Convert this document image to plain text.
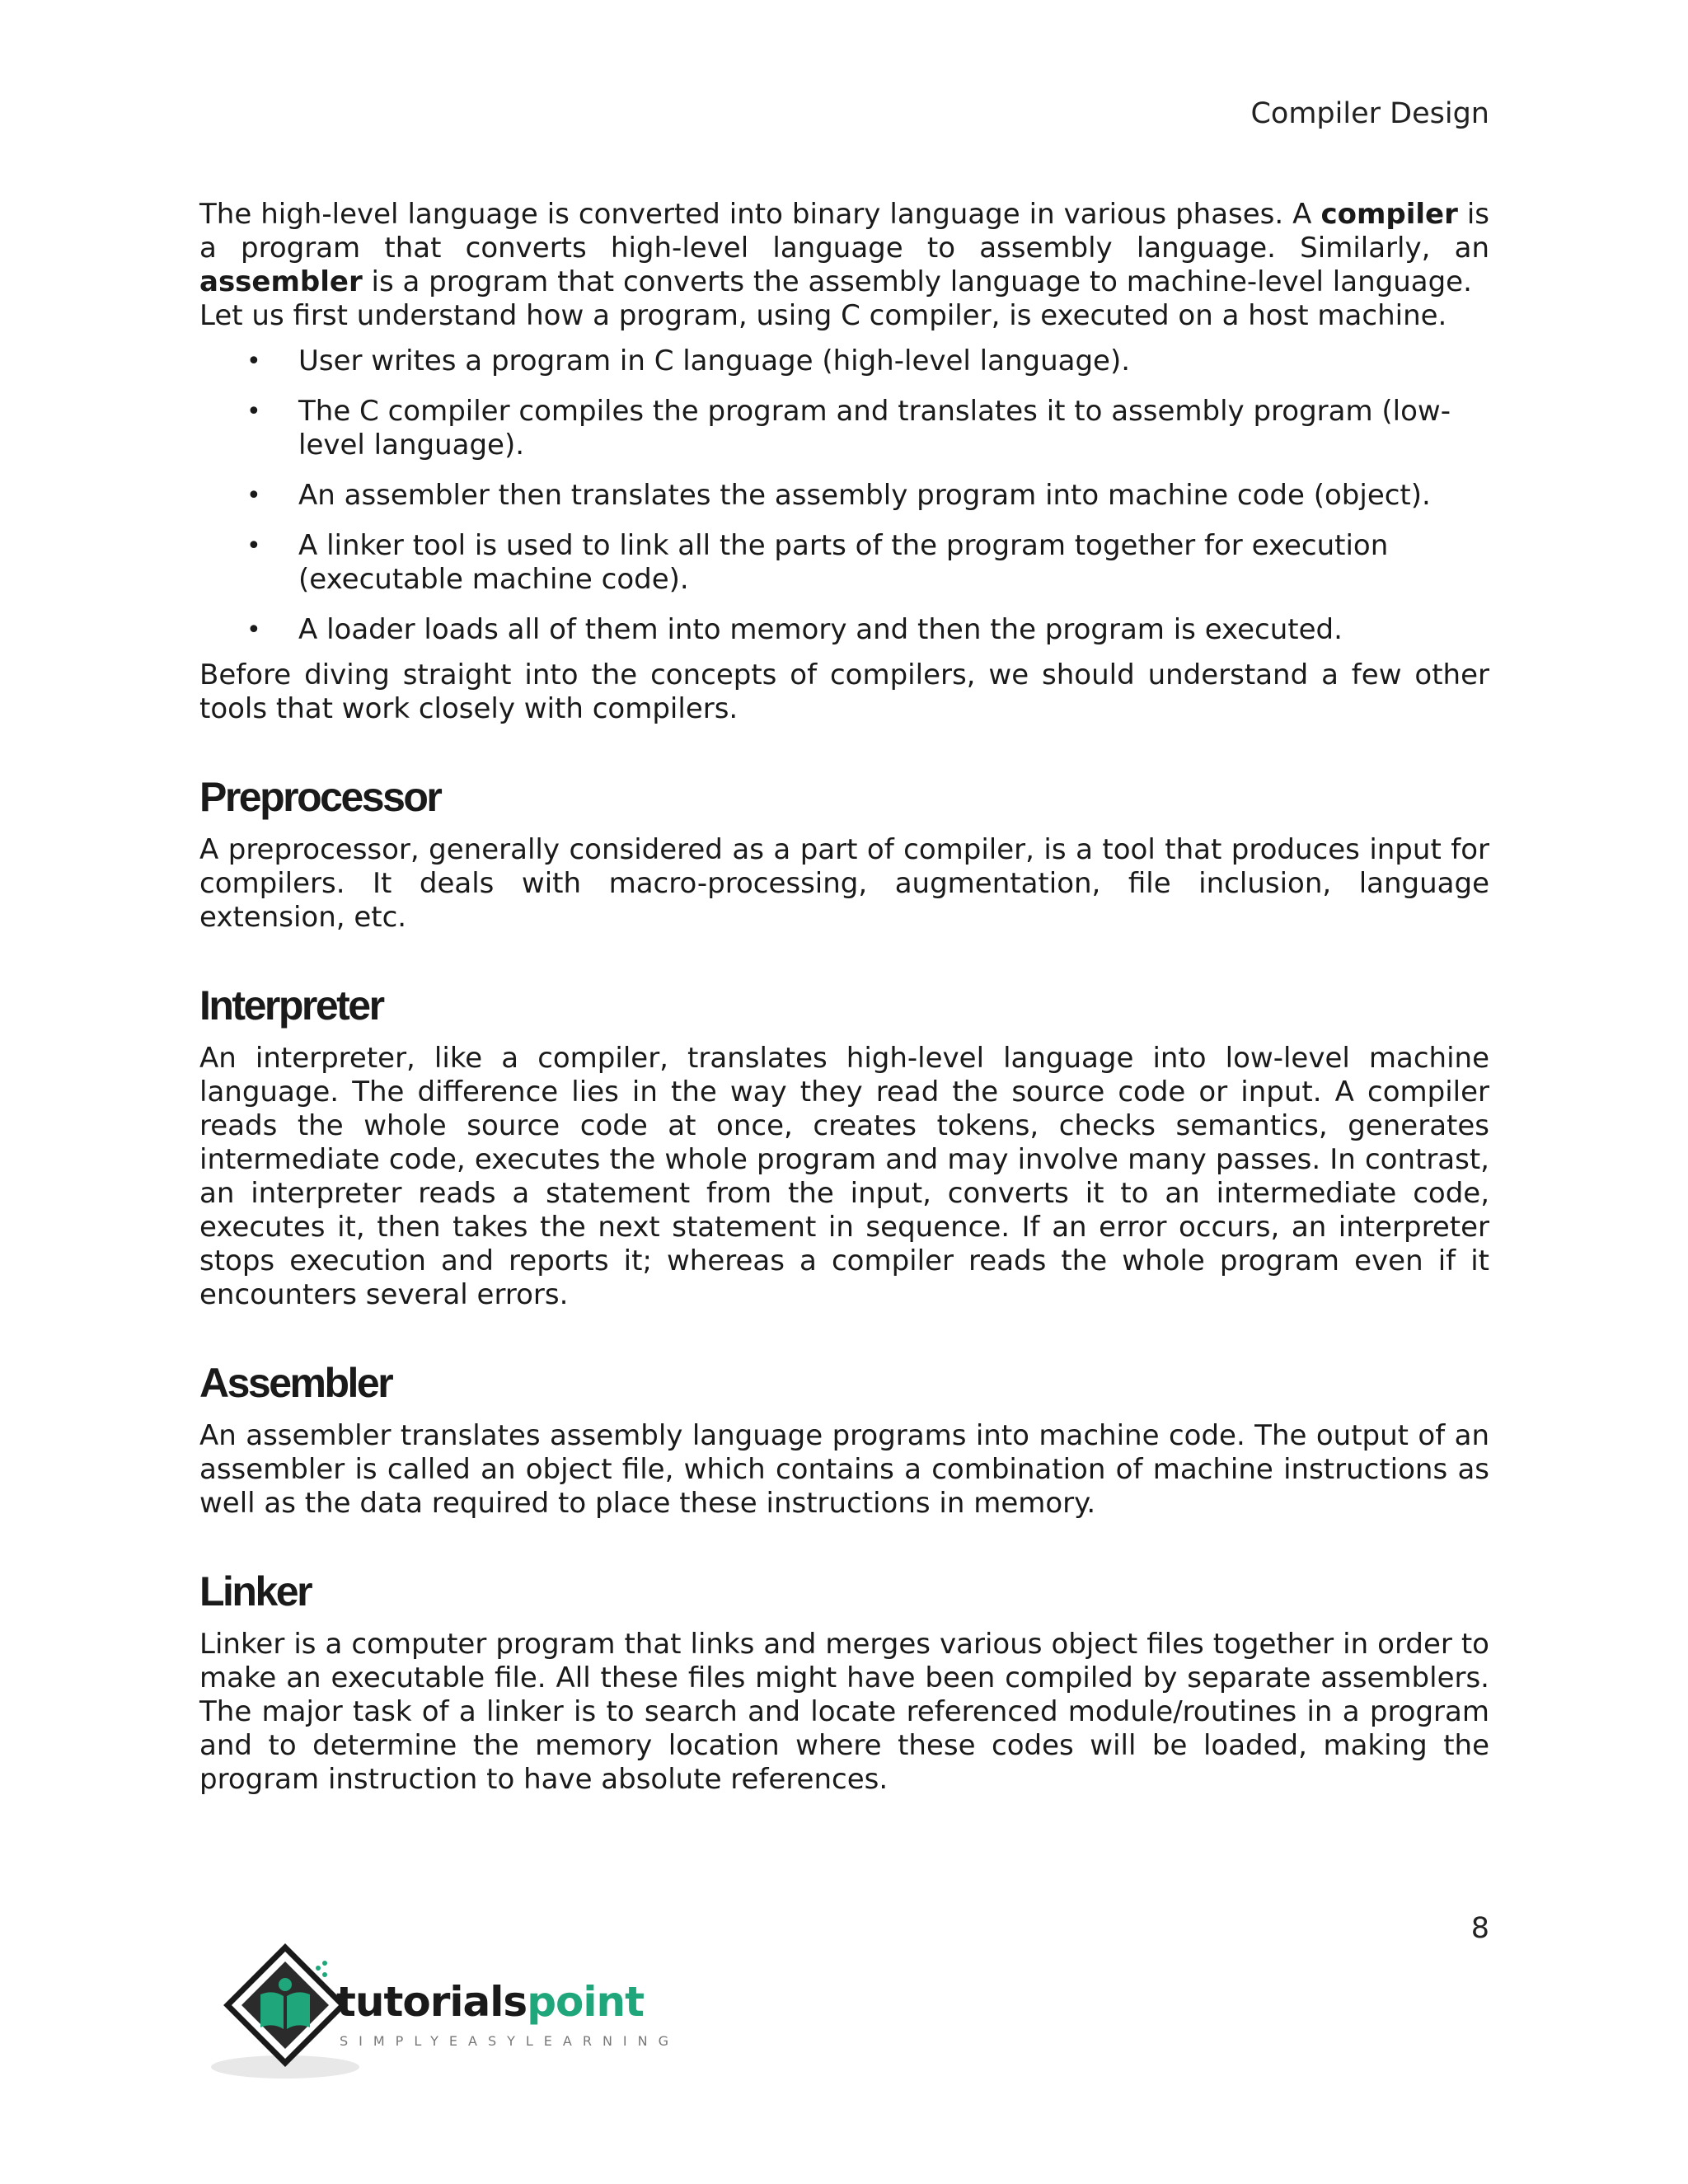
Compiler Design

The high-level language is converted into binary language in various phases. A compiler is a program that converts high-level language to assembly language. Similarly, an assembler is a program that converts the assembly language to machine-level language.

Let us first understand how a program, using C compiler, is executed on a host machine.

• User writes a program in C language (high-level language).
• The C compiler compiles the program and translates it to assembly program (low-level language).
• An assembler then translates the assembly program into machine code (object).
• A linker tool is used to link all the parts of the program together for execution (executable machine code).
• A loader loads all of them into memory and then the program is executed.

Before diving straight into the concepts of compilers, we should understand a few other tools that work closely with compilers.

Preprocessor

A preprocessor, generally considered as a part of compiler, is a tool that produces input for compilers. It deals with macro-processing, augmentation, file inclusion, language extension, etc.

Interpreter

An interpreter, like a compiler, translates high-level language into low-level machine language. The difference lies in the way they read the source code or input. A compiler reads the whole source code at once, creates tokens, checks semantics, generates intermediate code, executes the whole program and may involve many passes. In contrast, an interpreter reads a statement from the input, converts it to an intermediate code, executes it, then takes the next statement in sequence. If an error occurs, an interpreter stops execution and reports it; whereas a compiler reads the whole program even if it encounters several errors.

Assembler

An assembler translates assembly language programs into machine code. The output of an assembler is called an object file, which contains a combination of machine instructions as well as the data required to place these instructions in memory.

Linker

Linker is a computer program that links and merges various object files together in order to make an executable file. All these files might have been compiled by separate assemblers. The major task of a linker is to search and locate referenced module/routines in a program and to determine the memory location where these codes will be loaded, making the program instruction to have absolute references.

8
tutorialspoint
SIMPLYEASYLEARNING
